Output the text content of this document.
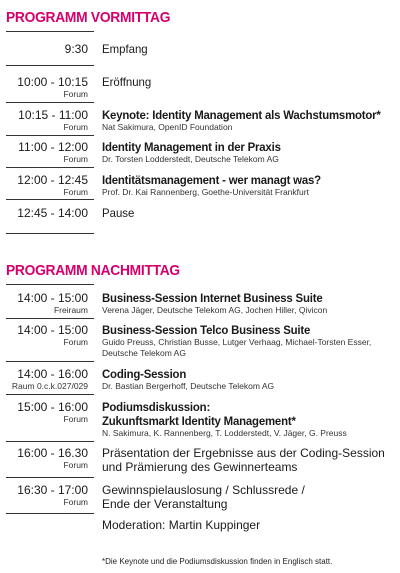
PROGRAMM VORMITTAG
9:30 Empfang
10:00 - 10:15
Forum
Eröffnung
10:15 - 11:00
Forum
Keynote: Identity Management als Wachstumsmotor*
Nat Sakimura, OpenID Foundation
11:00 - 12:00
Forum
Identity Management in der Praxis
Dr. Torsten Lodderstedt, Deutsche Telekom AG
12:00 - 12:45
Forum
Identitätsmanagement - wer managt was?
Prof. Dr. Kai Rannenberg, Goethe-Universität Frankfurt
12:45 - 14:00 Pause
PROGRAMM NACHMITTAG
14:00 - 15:00
Freiraum
Business-Session Internet Business Suite
Verena Jäger, Deutsche Telekom AG, Jochen Hiller, Qivicon
14:00 - 15:00
Forum
Business-Session Telco Business Suite
Guido Preuss, Christian Busse, Lutger Verhaag, Michael-Torsten Esser,
Deutsche Telekom AG
14:00 - 16:00
Raum 0.c.k.027/029
Coding-Session
Dr. Bastian Bergerhoff, Deutsche Telekom AG
15:00 - 16:00
Forum
Podiumsdiskussion:
Zukunftsmarkt Identity Management*
N. Sakimura, K. Rannenberg, T. Lodderstedt, V. Jäger, G. Preuss
16:00 - 16.30
Forum
Präsentation der Ergebnisse aus der Coding-Session
und Prämierung des Gewinnerteams
16:30 - 17:00
Forum
Gewinnspielauslosung / Schlussrede /
Ende der Veranstaltung
Moderation: Martin Kuppinger
*Die Keynote und die Podiumsdiskussion finden in Englisch statt.
